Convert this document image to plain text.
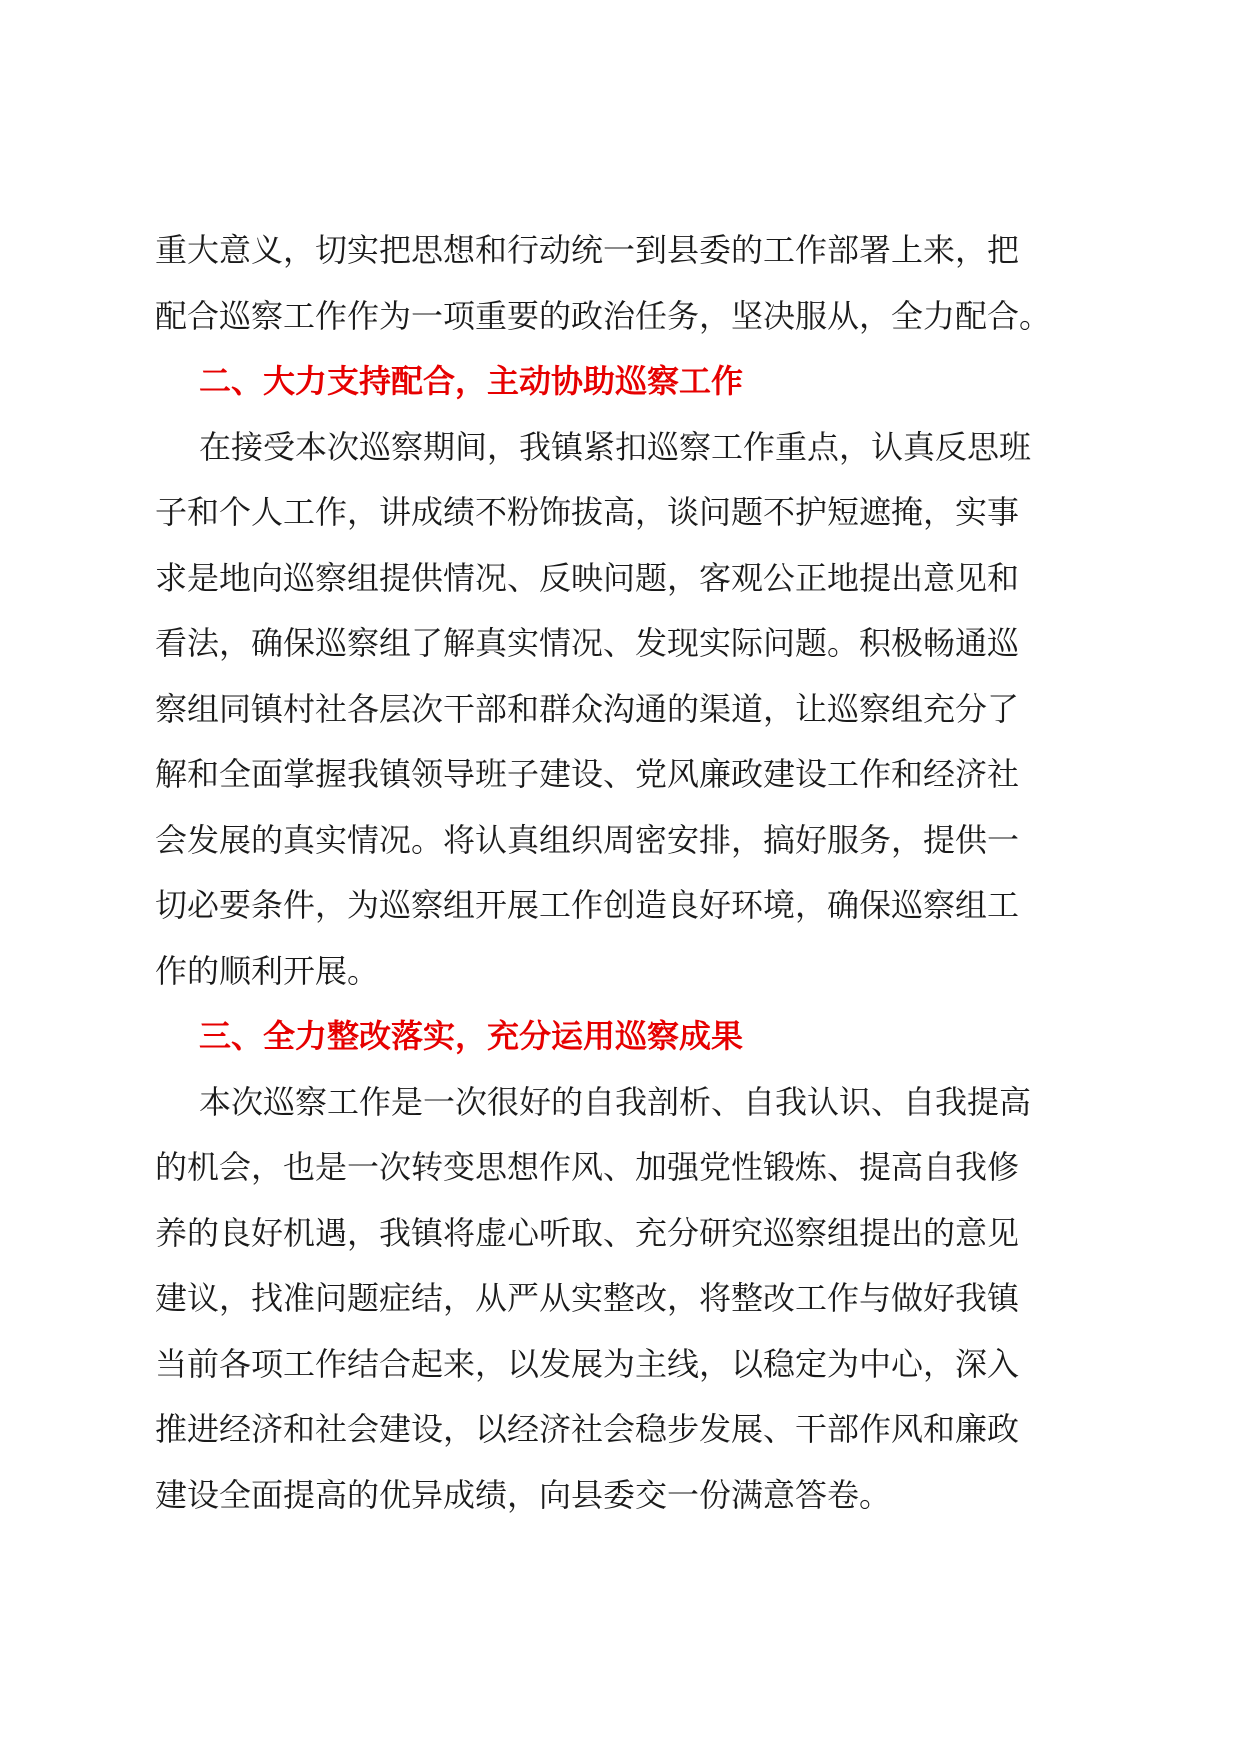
重大意义，切实把思想和行动统一到县委的工作部署上来，把
配合巡察工作作为一项重要的政治任务，坚决服从，全力配合。
二、大力支持配合，主动协助巡察工作
在接受本次巡察期间，我镇紧扣巡察工作重点，认真反思班
子和个人工作，讲成绩不粉饰拔高，谈问题不护短遮掩，实事
求是地向巡察组提供情况、反映问题，客观公正地提出意见和
看法，确保巡察组了解真实情况、发现实际问题。积极畅通巡
察组同镇村社各层次干部和群众沟通的渠道，让巡察组充分了
解和全面掌握我镇领导班子建设、党风廉政建设工作和经济社
会发展的真实情况。将认真组织周密安排，搞好服务，提供一
切必要条件，为巡察组开展工作创造良好环境，确保巡察组工
作的顺利开展。
三、全力整改落实，充分运用巡察成果
本次巡察工作是一次很好的自我剖析、自我认识、自我提高
的机会，也是一次转变思想作风、加强党性锻炼、提高自我修
养的良好机遇，我镇将虚心听取、充分研究巡察组提出的意见
建议，找准问题症结，从严从实整改，将整改工作与做好我镇
当前各项工作结合起来，以发展为主线，以稳定为中心，深入
推进经济和社会建设，以经济社会稳步发展、干部作风和廉政
建设全面提高的优异成绩，向县委交一份满意答卷。
